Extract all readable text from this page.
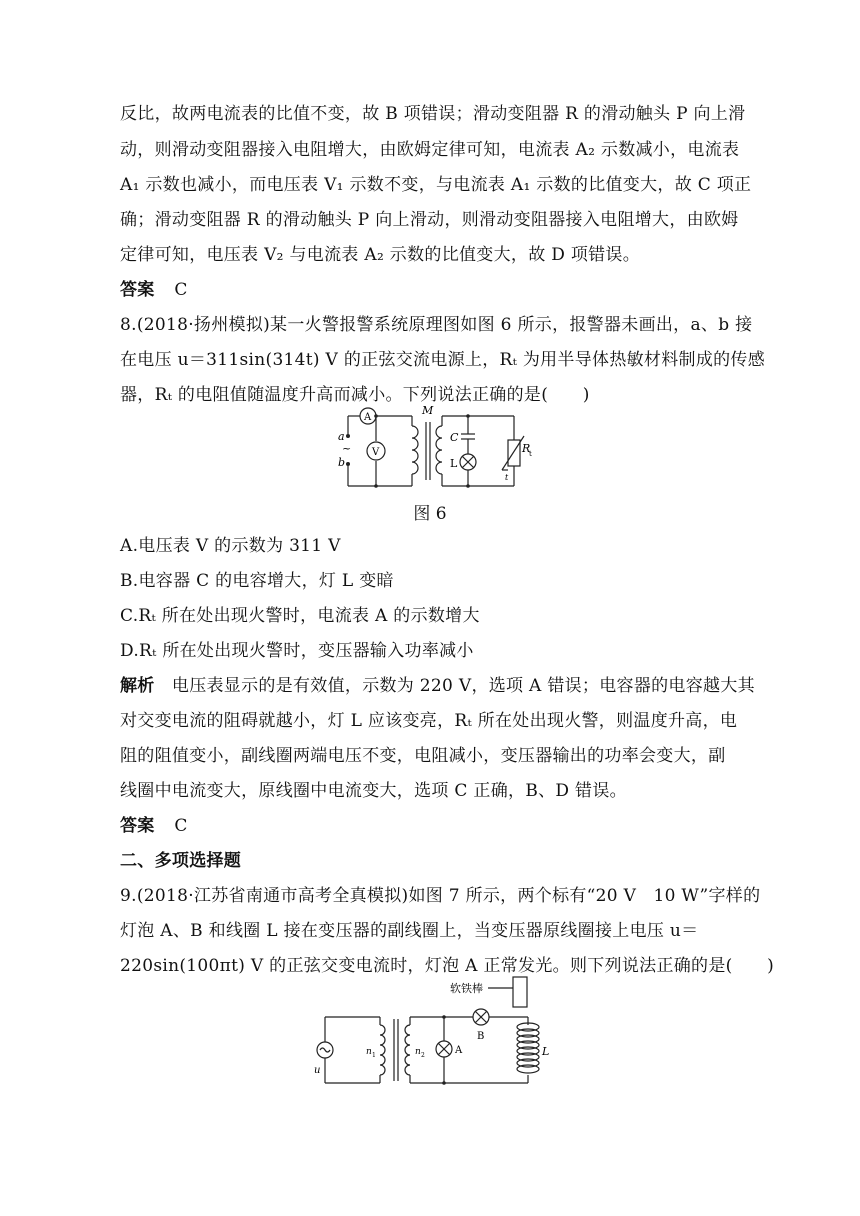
反比，故两电流表的比值不变，故 B 项错误；滑动变阻器 R 的滑动触头 P 向上滑
动，则滑动变阻器接入电阻增大，由欧姆定律可知，电流表 A₂ 示数减小，电流表
A₁ 示数也减小，而电压表 V₁ 示数不变，与电流表 A₁ 示数的比值变大，故 C 项正
确；滑动变阻器 R 的滑动触头 P 向上滑动，则滑动变阻器接入电阻增大，由欧姆
定律可知，电压表 V₂ 与电流表 A₂ 示数的比值变大，故 D 项错误。
答案 C
8.(2018·扬州模拟)某一火警报警系统原理图如图 6 所示，报警器未画出，a、b 接
在电压 u＝311sin(314t) V 的正弦交流电源上，Rₜ 为用半导体热敏材料制成的传感
器，Rₜ 的电阻值随温度升高而减小。下列说法正确的是(　　)
a
~
b
A
V
M
C
L
R
t
t
图 6
A.电压表 V 的示数为 311 V
B.电容器 C 的电容增大，灯 L 变暗
C.Rₜ 所在处出现火警时，电流表 A 的示数增大
D.Rₜ 所在处出现火警时，变压器输入功率减小
解析　电压表显示的是有效值，示数为 220 V，选项 A 错误；电容器的电容越大其
对交变电流的阻碍就越小，灯 L 应该变亮，Rₜ 所在处出现火警，则温度升高，电
阻的阻值变小，副线圈两端电压不变，电阻减小，变压器输出的功率会变大，副
线圈中电流变大，原线圈中电流变大，选项 C 正确，B、D 错误。
答案 C
二、多项选择题
9.(2018·江苏省南通市高考全真模拟)如图 7 所示，两个标有“20 V　10 W”字样的
灯泡 A、B 和线圈 L 接在变压器的副线圈上，当变压器原线圈接上电压 u＝
220sin(100πt) V 的正弦交变电流时，灯泡 A 正常发光。则下列说法正确的是(　　)
软铁棒
u
n 1	n 2	A
B
L
